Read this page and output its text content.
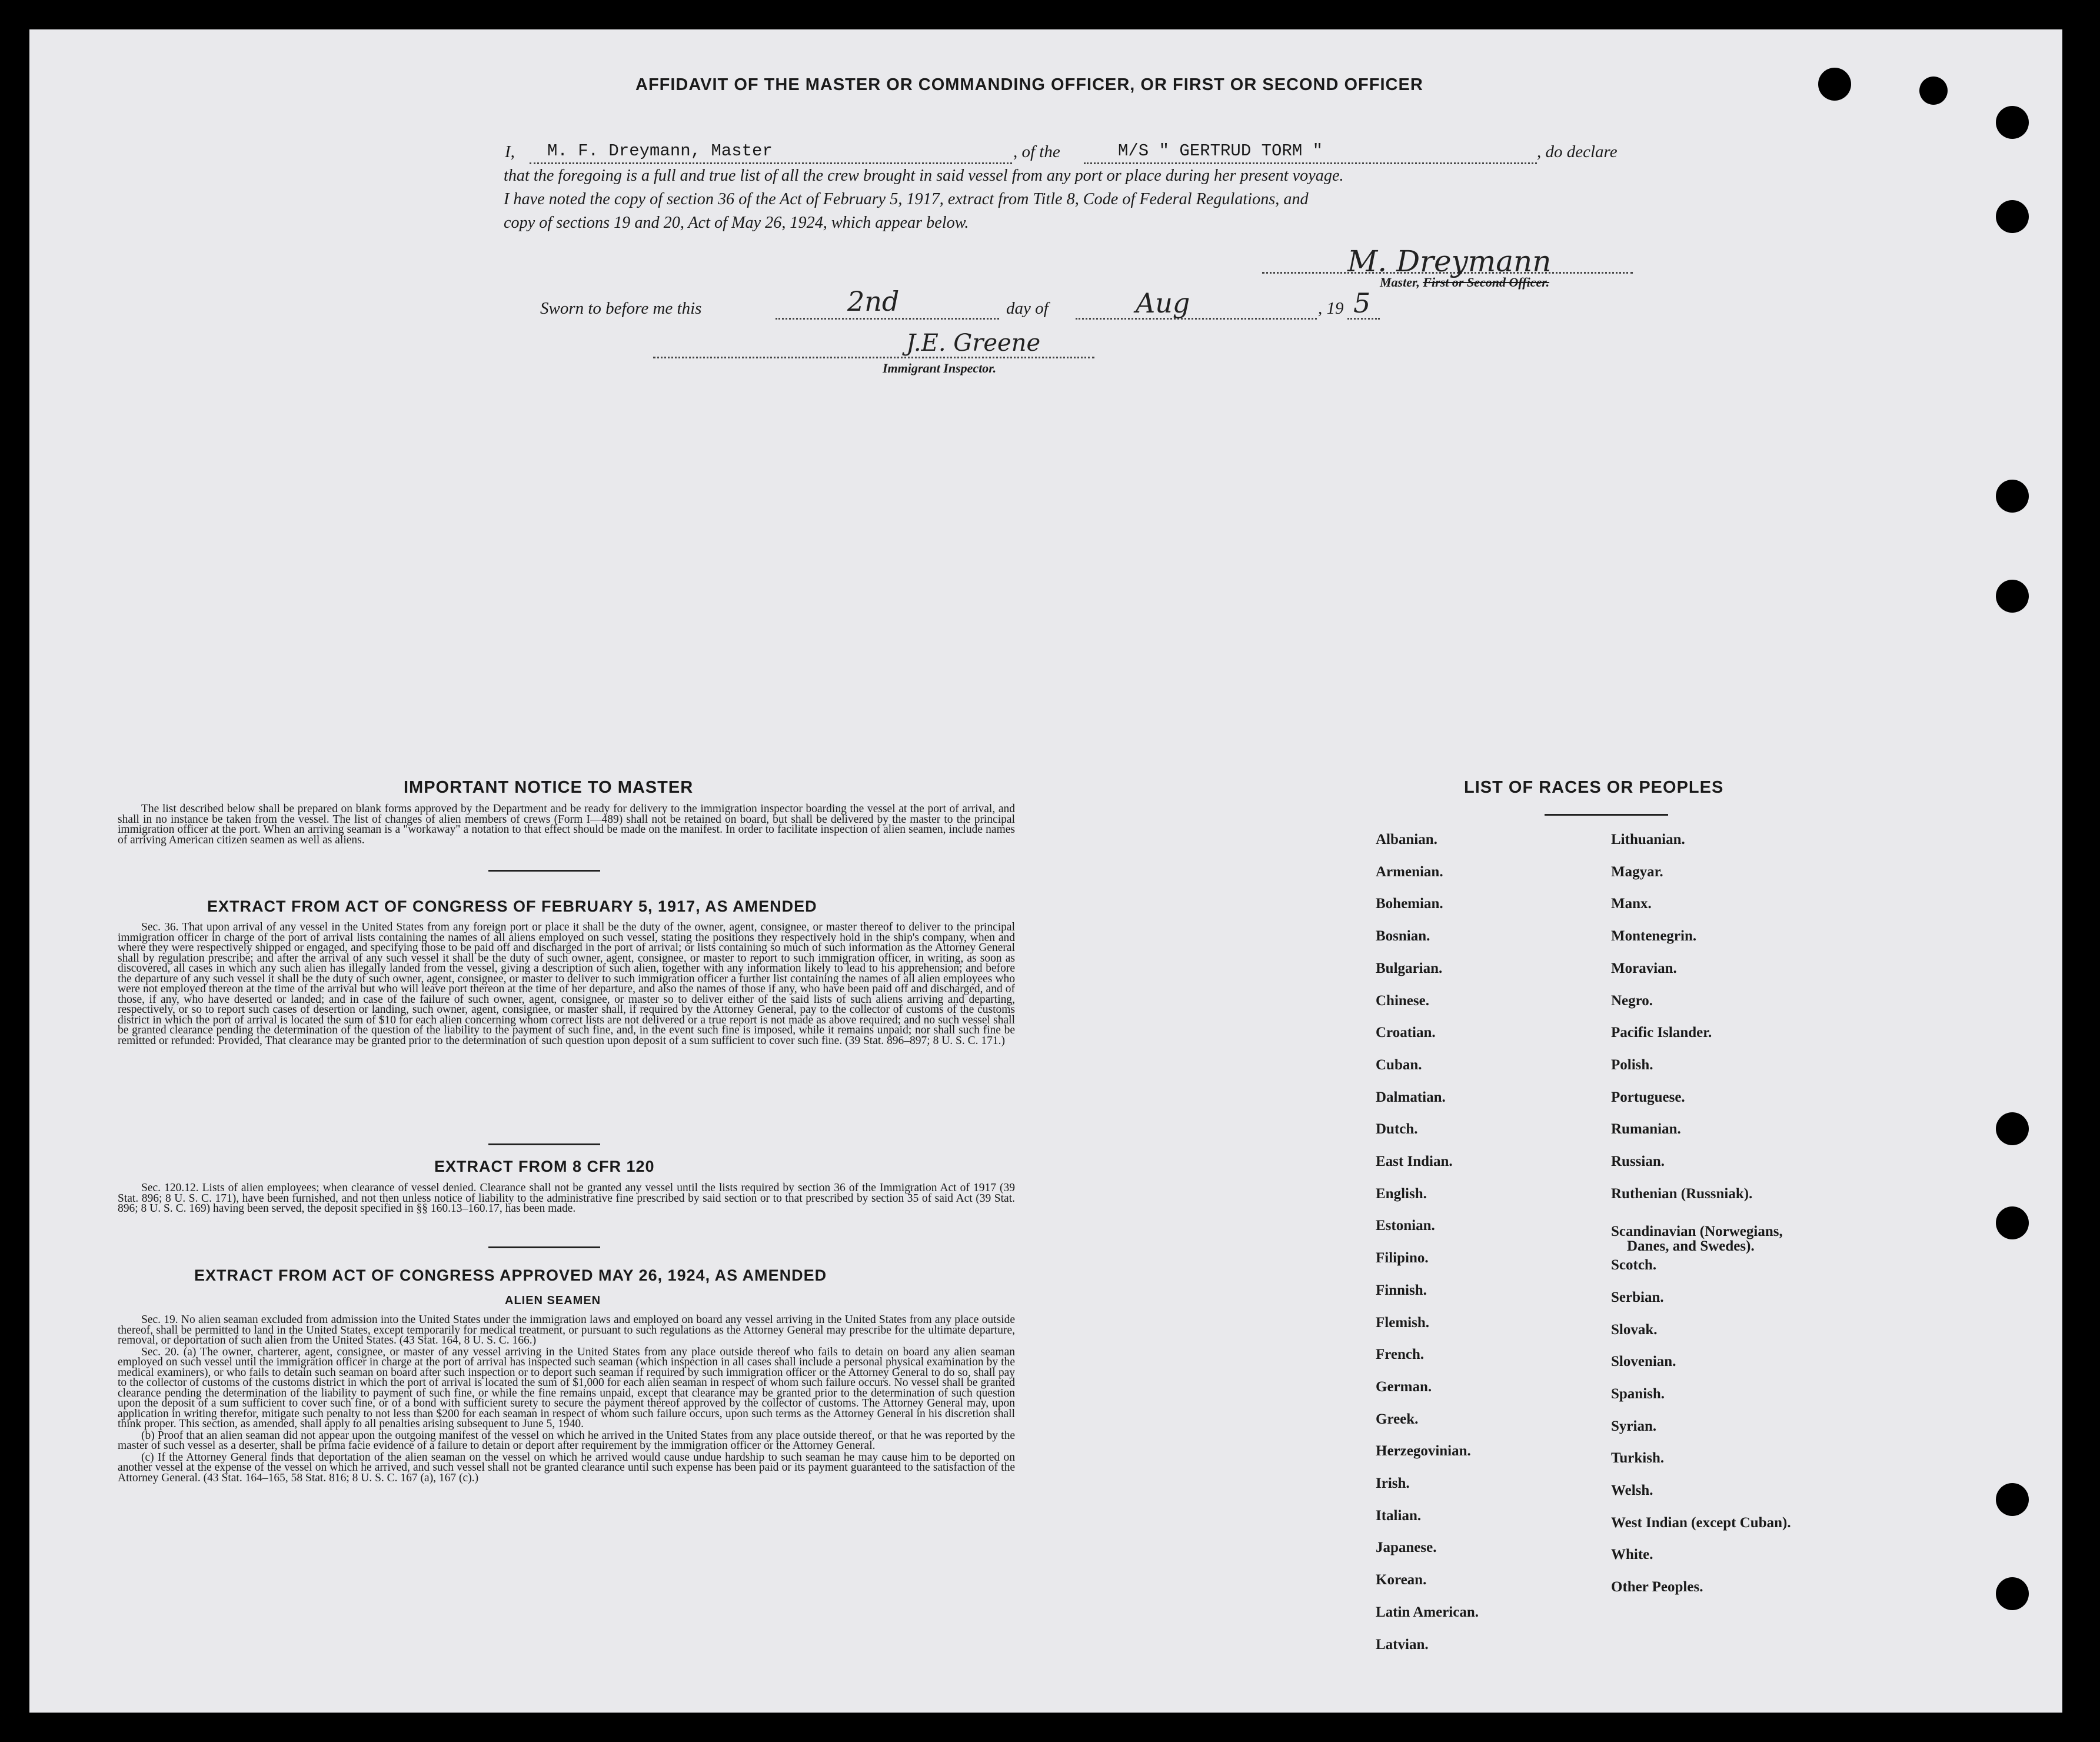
AFFIDAVIT OF THE MASTER OR COMMANDING OFFICER, OR FIRST OR SECOND OFFICER
I, M. F. Dreymann, Master	, of the	M/S " GERTRUD TORM "	, do declare
that the foregoing is a full and true list of all the crew brought in said vessel from any port or place during her present voyage.
I have noted the copy of section 36 of the Act of February 5, 1917, extract from Title 8, Code of Federal Regulations, and
copy of sections 19 and 20, Act of May 26, 1924, which appear below.
M. Dreymann
Master, First or Second Officer.
Sworn to before me this	2nd	day of	Aug	, 19 5
J.E. Greene
Immigrant Inspector.
IMPORTANT NOTICE TO MASTER

The list described below shall be prepared on blank forms approved by the Department and be ready for delivery to the immigration inspector boarding the vessel at the port of arrival, and shall in no instance be taken from the vessel. The list of changes of alien members of crews (Form I—489) shall not be retained on board, but shall be delivered by the master to the principal immigration officer at the port. When an arriving seaman is a "workaway" a notation to that effect should be made on the manifest. In order to facilitate inspection of alien seamen, include names of arriving American citizen seamen as well as aliens.

EXTRACT FROM ACT OF CONGRESS OF FEBRUARY 5, 1917, AS AMENDED

Sec. 36. That upon arrival of any vessel in the United States from any foreign port or place it shall be the duty of the owner, agent, consignee, or master thereof to deliver to the principal immigration officer in charge of the port of arrival lists containing the names of all aliens employed on such vessel, stating the positions they respectively hold in the ship's company, when and where they were respectively shipped or engaged, and specifying those to be paid off and discharged in the port of arrival; or lists containing so much of such information as the Attorney General shall by regulation prescribe; and after the arrival of any such vessel it shall be the duty of such owner, agent, consignee, or master to report to such immigration officer, in writing, as soon as discovered, all cases in which any such alien has illegally landed from the vessel, giving a description of such alien, together with any information likely to lead to his apprehension; and before the departure of any such vessel it shall be the duty of such owner, agent, consignee, or master to deliver to such immigration officer a further list containing the names of all alien employees who were not employed thereon at the time of the arrival but who will leave port thereon at the time of her departure, and also the names of those if any, who have been paid off and discharged, and of those, if any, who have deserted or landed; and in case of the failure of such owner, agent, consignee, or master so to deliver either of the said lists of such aliens arriving and departing, respectively, or so to report such cases of desertion or landing, such owner, agent, consignee, or master shall, if required by the Attorney General, pay to the collector of customs of the customs district in which the port of arrival is located the sum of $10 for each alien concerning whom correct lists are not delivered or a true report is not made as above required; and no such vessel shall be granted clearance pending the determination of the question of the liability to the payment of such fine, and, in the event such fine is imposed, while it remains unpaid; nor shall such fine be remitted or refunded: Provided, That clearance may be granted prior to the determination of such question upon deposit of a sum sufficient to cover such fine. (39 Stat. 896–897; 8 U. S. C. 171.)

EXTRACT FROM 8 CFR 120

Sec. 120.12. Lists of alien employees; when clearance of vessel denied. Clearance shall not be granted any vessel until the lists required by section 36 of the Immigration Act of 1917 (39 Stat. 896; 8 U. S. C. 171), have been furnished, and not then unless notice of liability to the administrative fine prescribed by said section or to that prescribed by section 35 of said Act (39 Stat. 896; 8 U. S. C. 169) having been served, the deposit specified in §§ 160.13–160.17, has been made.

EXTRACT FROM ACT OF CONGRESS APPROVED MAY 26, 1924, AS AMENDED
ALIEN SEAMEN

Sec. 19. No alien seaman excluded from admission into the United States under the immigration laws and employed on board any vessel arriving in the United States from any place outside thereof, shall be permitted to land in the United States, except temporarily for medical treatment, or pursuant to such regulations as the Attorney General may prescribe for the ultimate departure, removal, or deportation of such alien from the United States. (43 Stat. 164, 8 U. S. C. 166.)

Sec. 20. (a) The owner, charterer, agent, consignee, or master of any vessel arriving in the United States from any place outside thereof who fails to detain on board any alien seaman employed on such vessel until the immigration officer in charge at the port of arrival has inspected such seaman (which inspection in all cases shall include a personal physical examination by the medical examiners), or who fails to detain such seaman on board after such inspection or to deport such seaman if required by such immigration officer or the Attorney General to do so, shall pay to the collector of customs of the customs district in which the port of arrival is located the sum of $1,000 for each alien seaman in respect of whom such failure occurs. No vessel shall be granted clearance pending the determination of the liability to payment of such fine, or while the fine remains unpaid, except that clearance may be granted prior to the determination of such question upon the deposit of a sum sufficient to cover such fine, or of a bond with sufficient surety to secure the payment thereof approved by the collector of customs. The Attorney General may, upon application in writing therefor, mitigate such penalty to not less than $200 for each seaman in respect of whom such failure occurs, upon such terms as the Attorney General in his discretion shall think proper. This section, as amended, shall apply to all penalties arising subsequent to June 5, 1940.

(b) Proof that an alien seaman did not appear upon the outgoing manifest of the vessel on which he arrived in the United States from any place outside thereof, or that he was reported by the master of such vessel as a deserter, shall be prima facie evidence of a failure to detain or deport after requirement by the immigration officer or the Attorney General.

(c) If the Attorney General finds that deportation of the alien seaman on the vessel on which he arrived would cause undue hardship to such seaman he may cause him to be deported on another vessel at the expense of the vessel on which he arrived, and such vessel shall not be granted clearance until such expense has been paid or its payment guaranteed to the satisfaction of the Attorney General. (43 Stat. 164–165, 58 Stat. 816; 8 U. S. C. 167 (a), 167 (c).)

LIST OF RACES OR PEOPLES
Albanian.
Armenian.
Bohemian.
Bosnian.
Bulgarian.
Chinese.
Croatian.
Cuban.
Dalmatian.
Dutch.
East Indian.
English.
Estonian.
Filipino.
Finnish.
Flemish.
French.
German.
Greek.
Herzegovinian.
Irish.
Italian.
Japanese.
Korean.
Latin American.
Latvian.
Lithuanian.
Magyar.
Manx.
Montenegrin.
Moravian.
Negro.
Pacific Islander.
Polish.
Portuguese.
Rumanian.
Russian.
Ruthenian (Russniak).
Scandinavian (Norwegians,
Danes, and Swedes).
Scotch.
Serbian.
Slovak.
Slovenian.
Spanish.
Syrian.
Turkish.
Welsh.
West Indian (except Cuban).
White.
Other Peoples.
